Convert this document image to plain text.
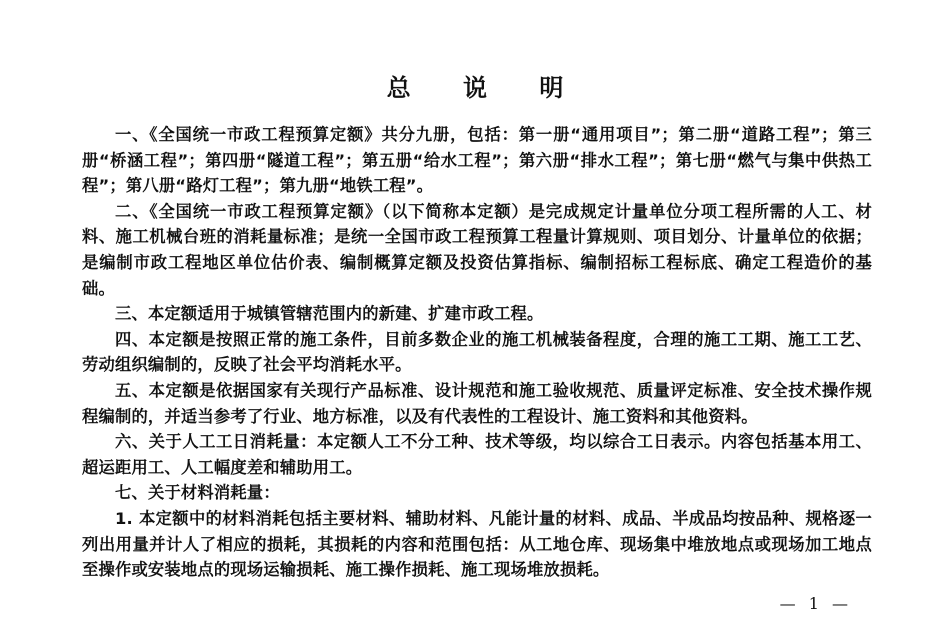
总 说 明

一、《全国统一市政工程预算定额》共分九册，包括：第一册“通用项目”；第二册“道路工程”；第三册“桥涵工程”；第四册“隧道工程”；第五册“给水工程”；第六册“排水工程”；第七册“燃气与集中供热工程”；第八册“路灯工程”；第九册“地铁工程”。

二、《全国统一市政工程预算定额》（以下简称本定额）是完成规定计量单位分项工程所需的人工、材料、施工机械台班的消耗量标准；是统一全国市政工程预算工程量计算规则、项目划分、计量单位的依据；是编制市政工程地区单位估价表、编制概算定额及投资估算指标、编制招标工程标底、确定工程造价的基础。

三、本定额适用于城镇管辖范围内的新建、扩建市政工程。

四、本定额是按照正常的施工条件，目前多数企业的施工机械装备程度，合理的施工工期、施工工艺、劳动组织编制的，反映了社会平均消耗水平。

五、本定额是依据国家有关现行产品标准、设计规范和施工验收规范、质量评定标准、安全技术操作规程编制的，并适当参考了行业、地方标准，以及有代表性的工程设计、施工资料和其他资料。

六、关于人工工日消耗量：本定额人工不分工种、技术等级，均以综合工日表示。内容包括基本用工、超运距用工、人工幅度差和辅助用工。

七、关于材料消耗量：

1. 本定额中的材料消耗包括主要材料、辅助材料、凡能计量的材料、成品、半成品均按品种、规格逐一列出用量并计人了相应的损耗，其损耗的内容和范围包括：从工地仓库、现场集中堆放地点或现场加工地点至操作或安装地点的现场运输损耗、施工操作损耗、施工现场堆放损耗。

— 1 —
